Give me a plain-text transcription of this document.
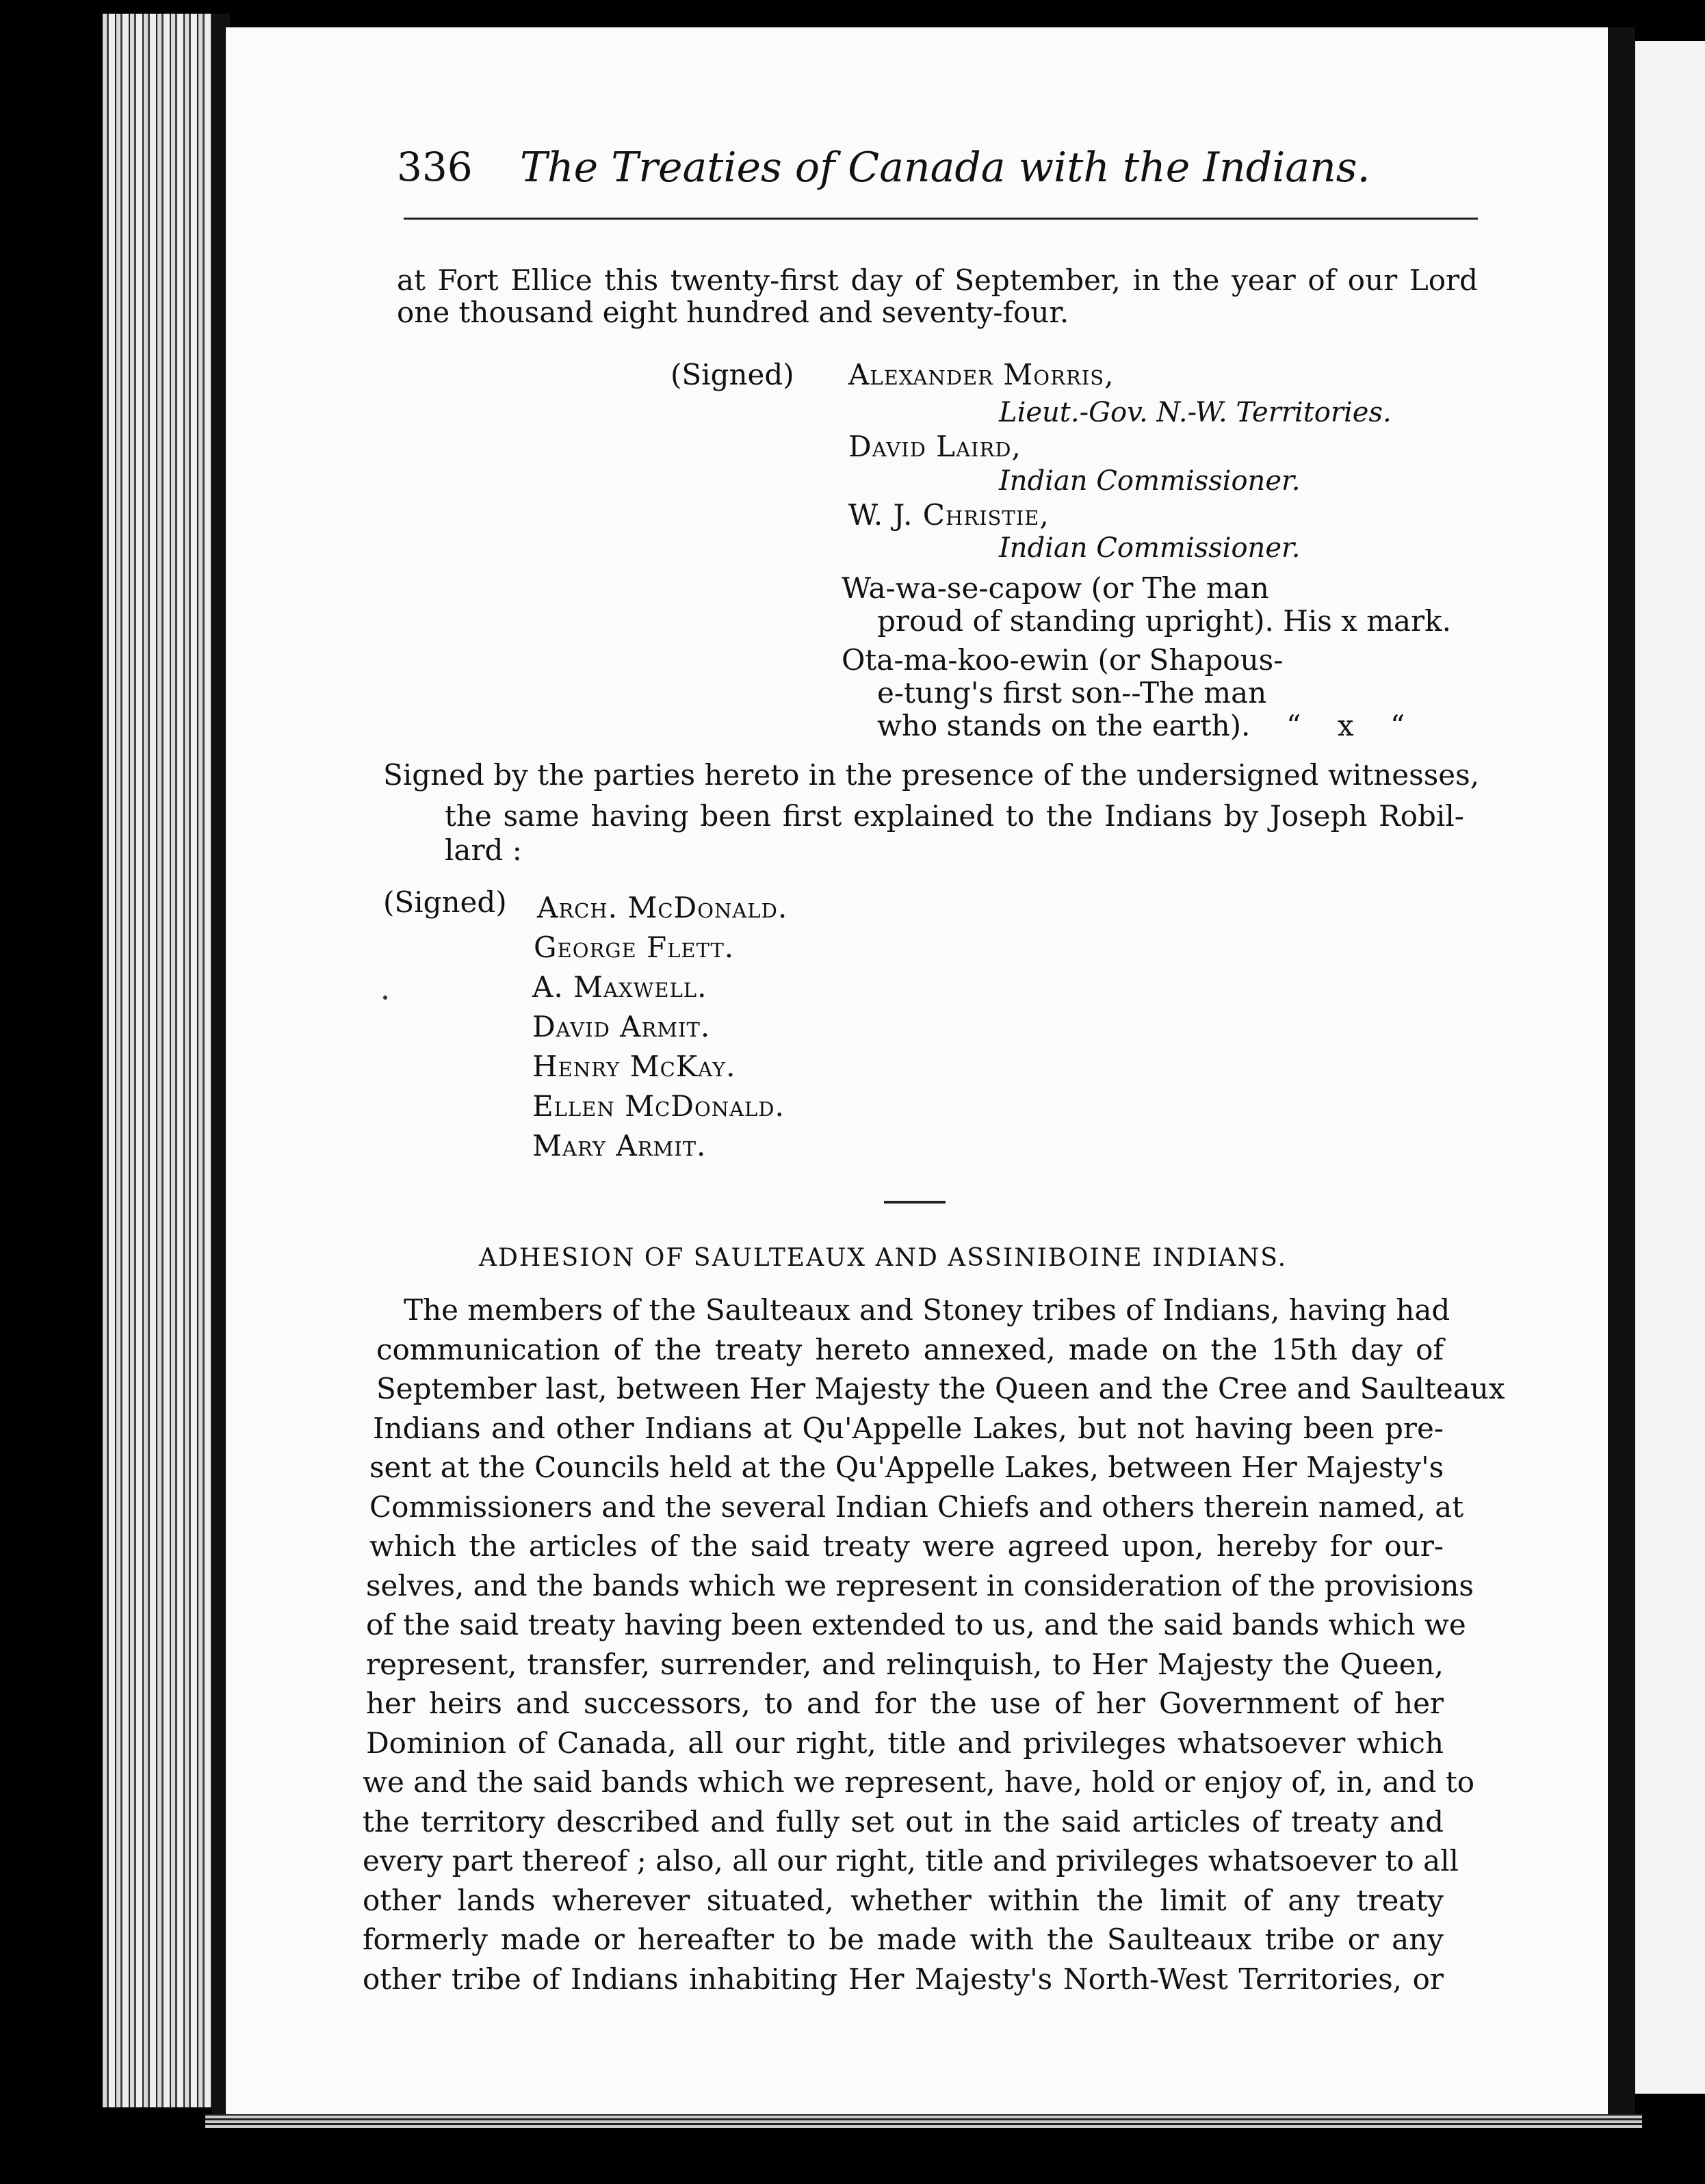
336 The Treaties of Canada with the Indians.
at Fort Ellice this twenty-first day of September, in the year of our Lord
one thousand eight hundred and seventy-four.
(Signed) Alexander Morris,
Lieut.-Gov. N.-W. Territories.
David Laird,
Indian Commissioner.
W. J. Christie,
Indian Commissioner.
Wa-wa-se-capow (or The man
proud of standing upright). His x mark.
Ota-ma-koo-ewin (or Shapous-
e-tung's first son--The man
who stands on the earth). “ x “
Signed by the parties hereto in the presence of the undersigned witnesses,
the same having been first explained to the Indians by Joseph Robil-
lard :
(Signed) Arch. McDonald.
George Flett.
A. Maxwell.
David Armit.
Henry McKay.
Ellen McDonald.
Mary Armit.
ADHESION OF SAULTEAUX AND ASSINIBOINE INDIANS.
The members of the Saulteaux and Stoney tribes of Indians, having had
communication of the treaty hereto annexed, made on the 15th day of
September last, between Her Majesty the Queen and the Cree and Saulteaux
Indians and other Indians at Qu'Appelle Lakes, but not having been pre-
sent at the Councils held at the Qu'Appelle Lakes, between Her Majesty's
Commissioners and the several Indian Chiefs and others therein named, at
which the articles of the said treaty were agreed upon, hereby for our-
selves, and the bands which we represent in consideration of the provisions
of the said treaty having been extended to us, and the said bands which we
represent, transfer, surrender, and relinquish, to Her Majesty the Queen,
her heirs and successors, to and for the use of her Government of her
Dominion of Canada, all our right, title and privileges whatsoever which
we and the said bands which we represent, have, hold or enjoy of, in, and to
the territory described and fully set out in the said articles of treaty and
every part thereof ; also, all our right, title and privileges whatsoever to all
other lands wherever situated, whether within the limit of any treaty
formerly made or hereafter to be made with the Saulteaux tribe or any
other tribe of Indians inhabiting Her Majesty's North-West Territories, or
